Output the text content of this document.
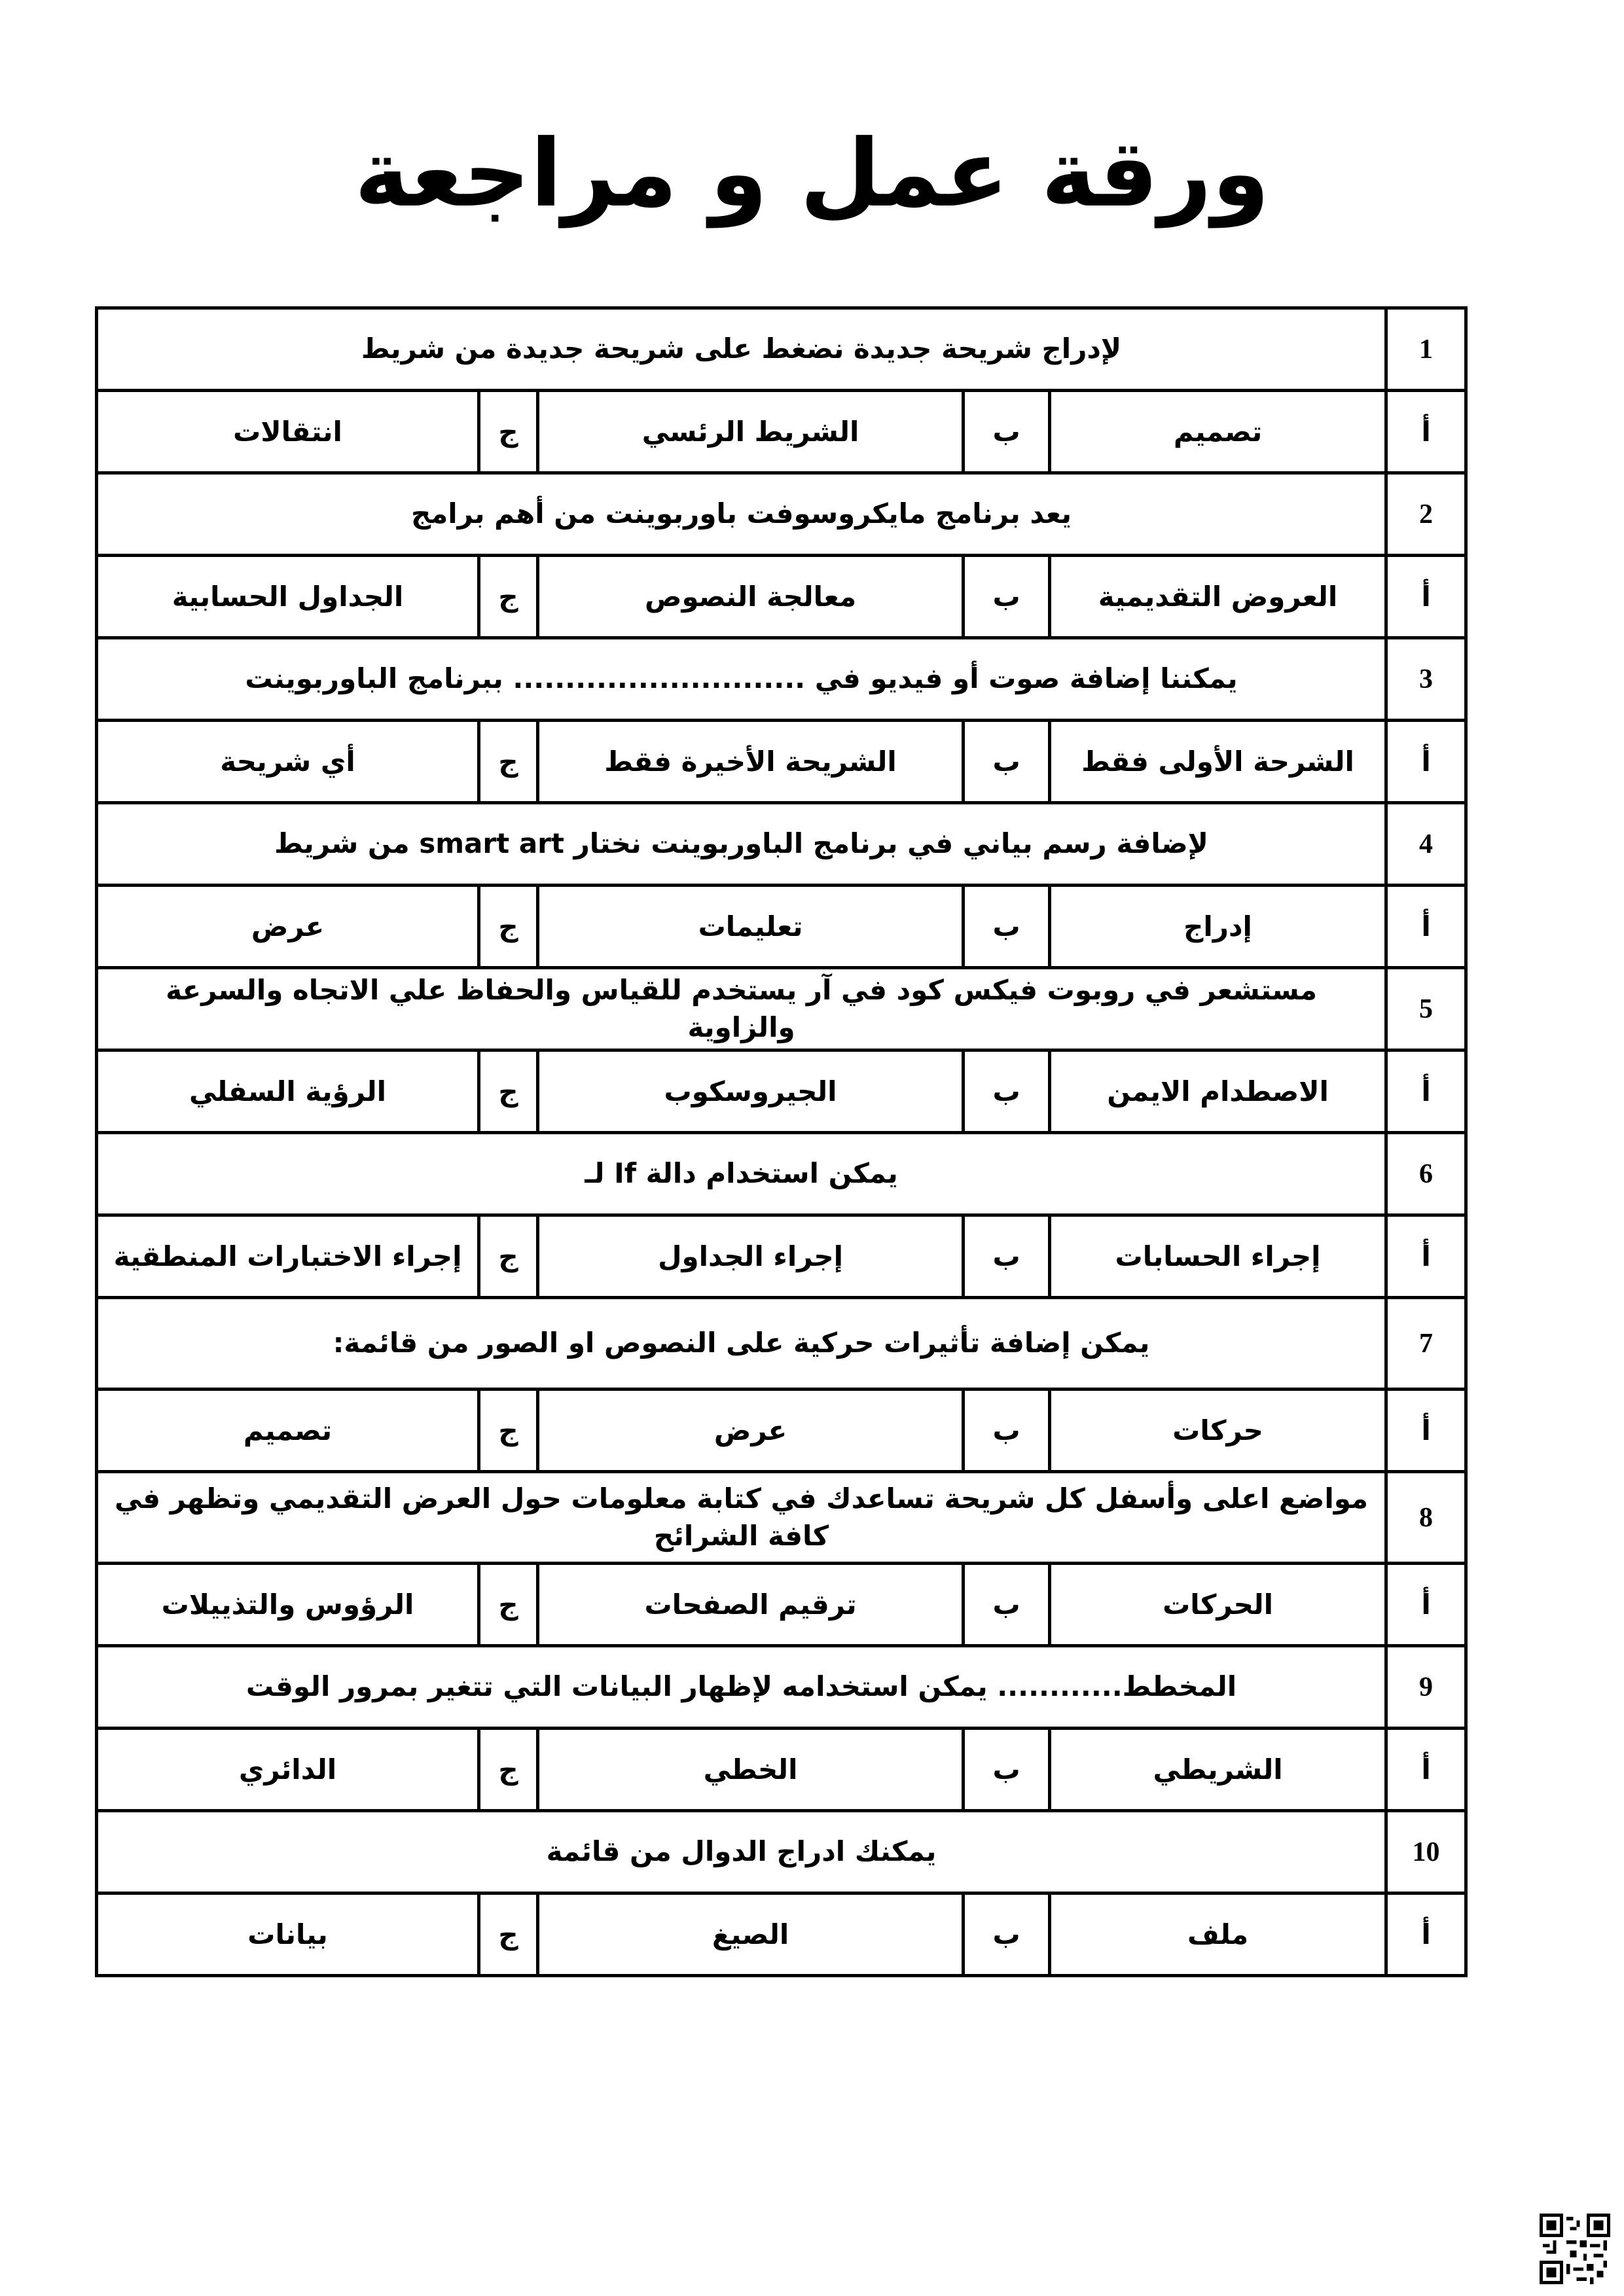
ورقة عمل و مراجعة
1	لإدراج شريحة جديدة نضغط على شريحة جديدة من شريط				
أ	تصميم	ب	الشريط الرئسي	ج	انتقالات
2	يعد برنامج مايكروسوفت باوربوينت من أهم برامج				
أ	العروض التقديمية	ب	معالجة النصوص	ج	الجداول الحسابية
3	يمكننا إضافة صوت أو فيديو في ............................ ببرنامج الباوربوينت				
أ	الشرحة الأولى فقط	ب	الشريحة الأخيرة فقط	ج	أي شريحة
4	لإضافة رسم بياني في برنامج الباوربوينت نختار smart art من شريط				
أ	إدراج	ب	تعليمات	ج	عرض
5	مستشعر في روبوت فيكس كود في آر يستخدم للقياس والحفاظ علي الاتجاه والسرعة والزاوية				
أ	الاصطدام الايمن	ب	الجيروسكوب	ج	الرؤية السفلي
6	يمكن استخدام دالة If لـ				
أ	إجراء الحسابات	ب	إجراء الجداول	ج	إجراء الاختبارات المنطقية
7	يمكن إضافة تأثيرات حركية على النصوص او الصور من قائمة:				
أ	حركات	ب	عرض	ج	تصميم
8	مواضع اعلى وأسفل كل شريحة تساعدك في كتابة معلومات حول العرض التقديمي وتظهر في كافة الشرائح				
أ	الحركات	ب	ترقيم الصفحات	ج	الرؤوس والتذييلات
9	المخطط............ يمكن استخدامه لإظهار البيانات التي تتغير بمرور الوقت				
أ	الشريطي	ب	الخطي	ج	الدائري
10	يمكنك ادراج الدوال من قائمة				
أ	ملف	ب	الصيغ	ج	بيانات
